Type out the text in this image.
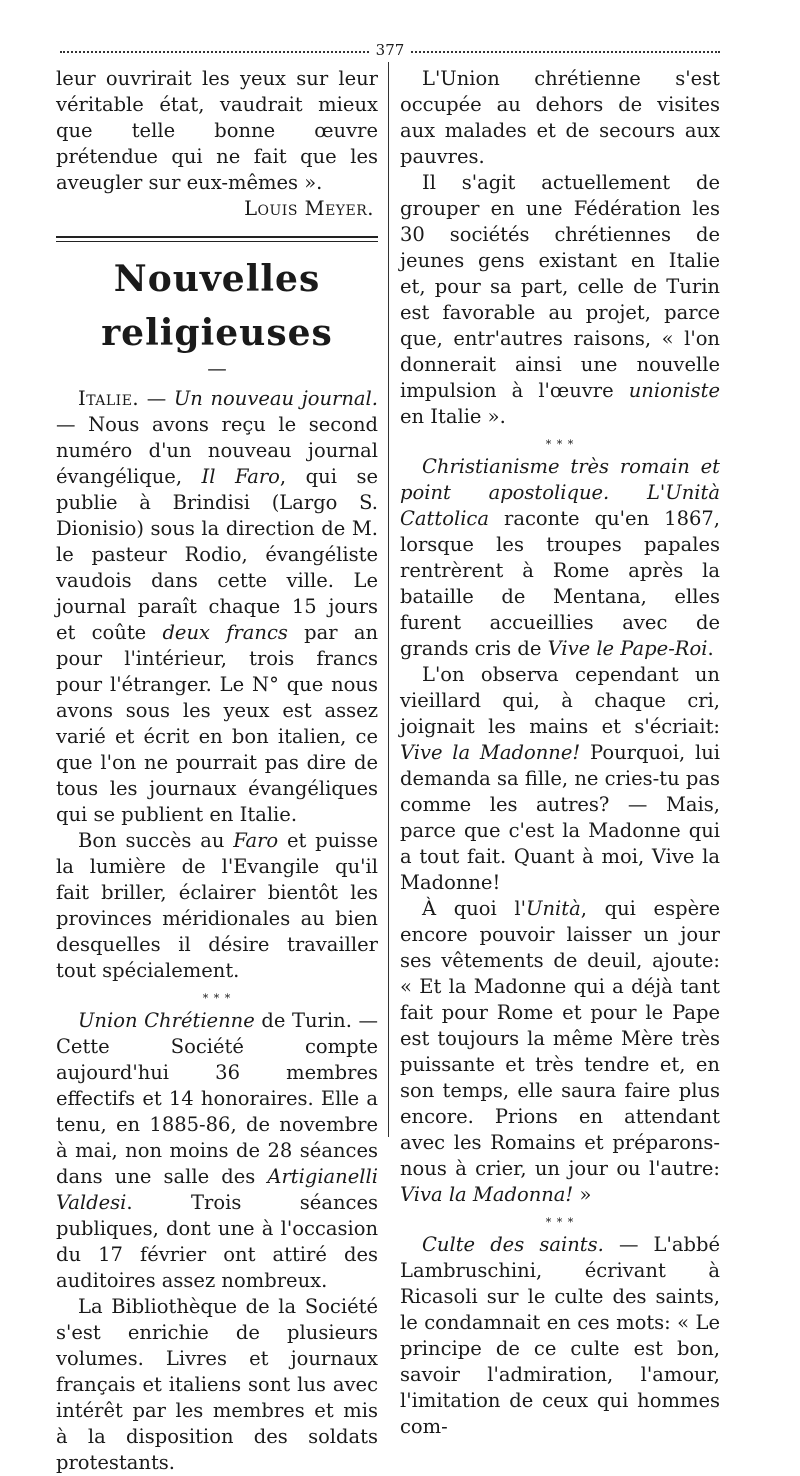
377

leur ouvrirait les yeux sur leur véritable état, vaudrait mieux que telle bonne œuvre prétendue qui ne fait que les aveugler sur eux-mêmes ».

Louis Meyer.

Nouvelles religieuses
—

Italie. — Un nouveau journal. — Nous avons reçu le second numéro d'un nouveau journal évangélique, Il Faro, qui se publie à Brindisi (Largo S. Dionisio) sous la direction de M. le pasteur Rodio, évangéliste vaudois dans cette ville. Le journal paraît chaque 15 jours et coûte deux francs par an pour l'intérieur, trois francs pour l'étranger. Le N° que nous avons sous les yeux est assez varié et écrit en bon italien, ce que l'on ne pourrait pas dire de tous les journaux évangéliques qui se publient en Italie.

Bon succès au Faro et puisse la lumière de l'Evangile qu'il fait briller, éclairer bientôt les provinces méridionales au bien desquelles il désire travailler tout spécialement.

⁎ ⁎ ⁎

Union Chrétienne de Turin. — Cette Société compte aujourd'hui 36 membres effectifs et 14 honoraires. Elle a tenu, en 1885-86, de novembre à mai, non moins de 28 séances dans une salle des Artigianelli Valdesi. Trois séances publiques, dont une à l'occasion du 17 février ont attiré des auditoires assez nombreux.

La Bibliothèque de la Société s'est enrichie de plusieurs volumes. Livres et journaux français et italiens sont lus avec intérêt par les membres et mis à la disposition des soldats protestants.

L'Union chrétienne s'est occupée au dehors de visites aux malades et de secours aux pauvres.

Il s'agit actuellement de grouper en une Fédération les 30 sociétés chrétiennes de jeunes gens existant en Italie et, pour sa part, celle de Turin est favorable au projet, parce que, entr'autres raisons, « l'on donnerait ainsi une nouvelle impulsion à l'œuvre unioniste en Italie ».

⁎ ⁎ ⁎

Christianisme très romain et point apostolique. L'Unità Cattolica raconte qu'en 1867, lorsque les troupes papales rentrèrent à Rome après la bataille de Mentana, elles furent accueillies avec de grands cris de Vive le Pape-Roi.

L'on observa cependant un vieillard qui, à chaque cri, joignait les mains et s'écriait: Vive la Madonne! Pourquoi, lui demanda sa fille, ne cries-tu pas comme les autres? — Mais, parce que c'est la Madonne qui a tout fait. Quant à moi, Vive la Madonne!

À quoi l'Unità, qui espère encore pouvoir laisser un jour ses vêtements de deuil, ajoute: « Et la Madonne qui a déjà tant fait pour Rome et pour le Pape est toujours la même Mère très puissante et très tendre et, en son temps, elle saura faire plus encore. Prions en attendant avec les Romains et préparons-nous à crier, un jour ou l'autre: Viva la Madonna! »

⁎ ⁎ ⁎

Culte des saints. — L'abbé Lambruschini, écrivant à Ricasoli sur le culte des saints, le condamnait en ces mots: « Le principe de ce culte est bon, savoir l'admiration, l'amour, l'imitation de ceux qui hommes com-
